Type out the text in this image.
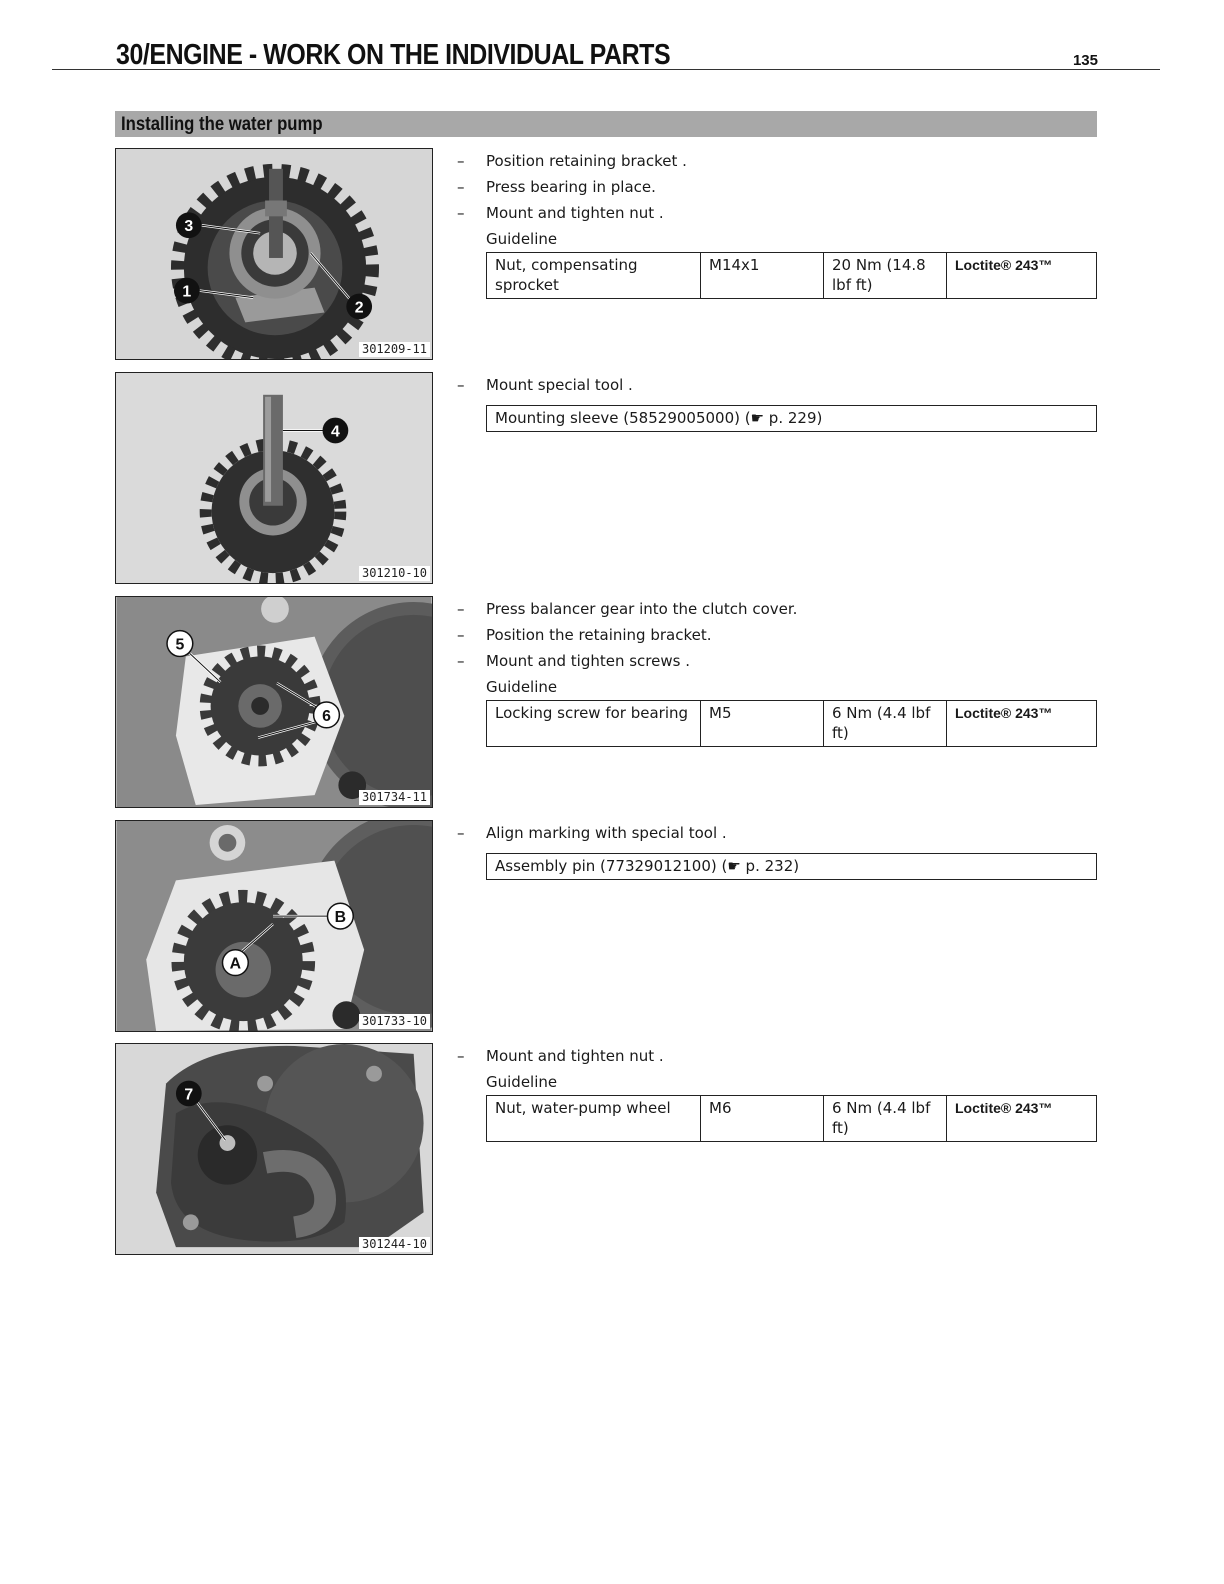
30/ENGINE - WORK ON THE INDIVIDUAL PARTS	135
Installing the water pump
3
1
2
301209-11
– Position retaining bracket .
– Press bearing in place.
– Mount and tighten nut .
Guideline
Nut, compensating sprocket	M14x1	20 Nm (14.8 lbf ft)	Loctite® 243™
4
301210-10
– Mount special tool .
Mounting sleeve (58529005000) (☛ p. 229)
5
6
301734-11
– Press balancer gear into the clutch cover.
– Position the retaining bracket.
– Mount and tighten screws .
Guideline
Locking screw for bearing	M5	6 Nm (4.4 lbf ft)	Loctite® 243™
B
A
301733-10
– Align marking with special tool .
Assembly pin (77329012100) (☛ p. 232)
7
301244-10
– Mount and tighten nut .
Guideline
Nut, water-pump wheel	M6	6 Nm (4.4 lbf ft)	Loctite® 243™
